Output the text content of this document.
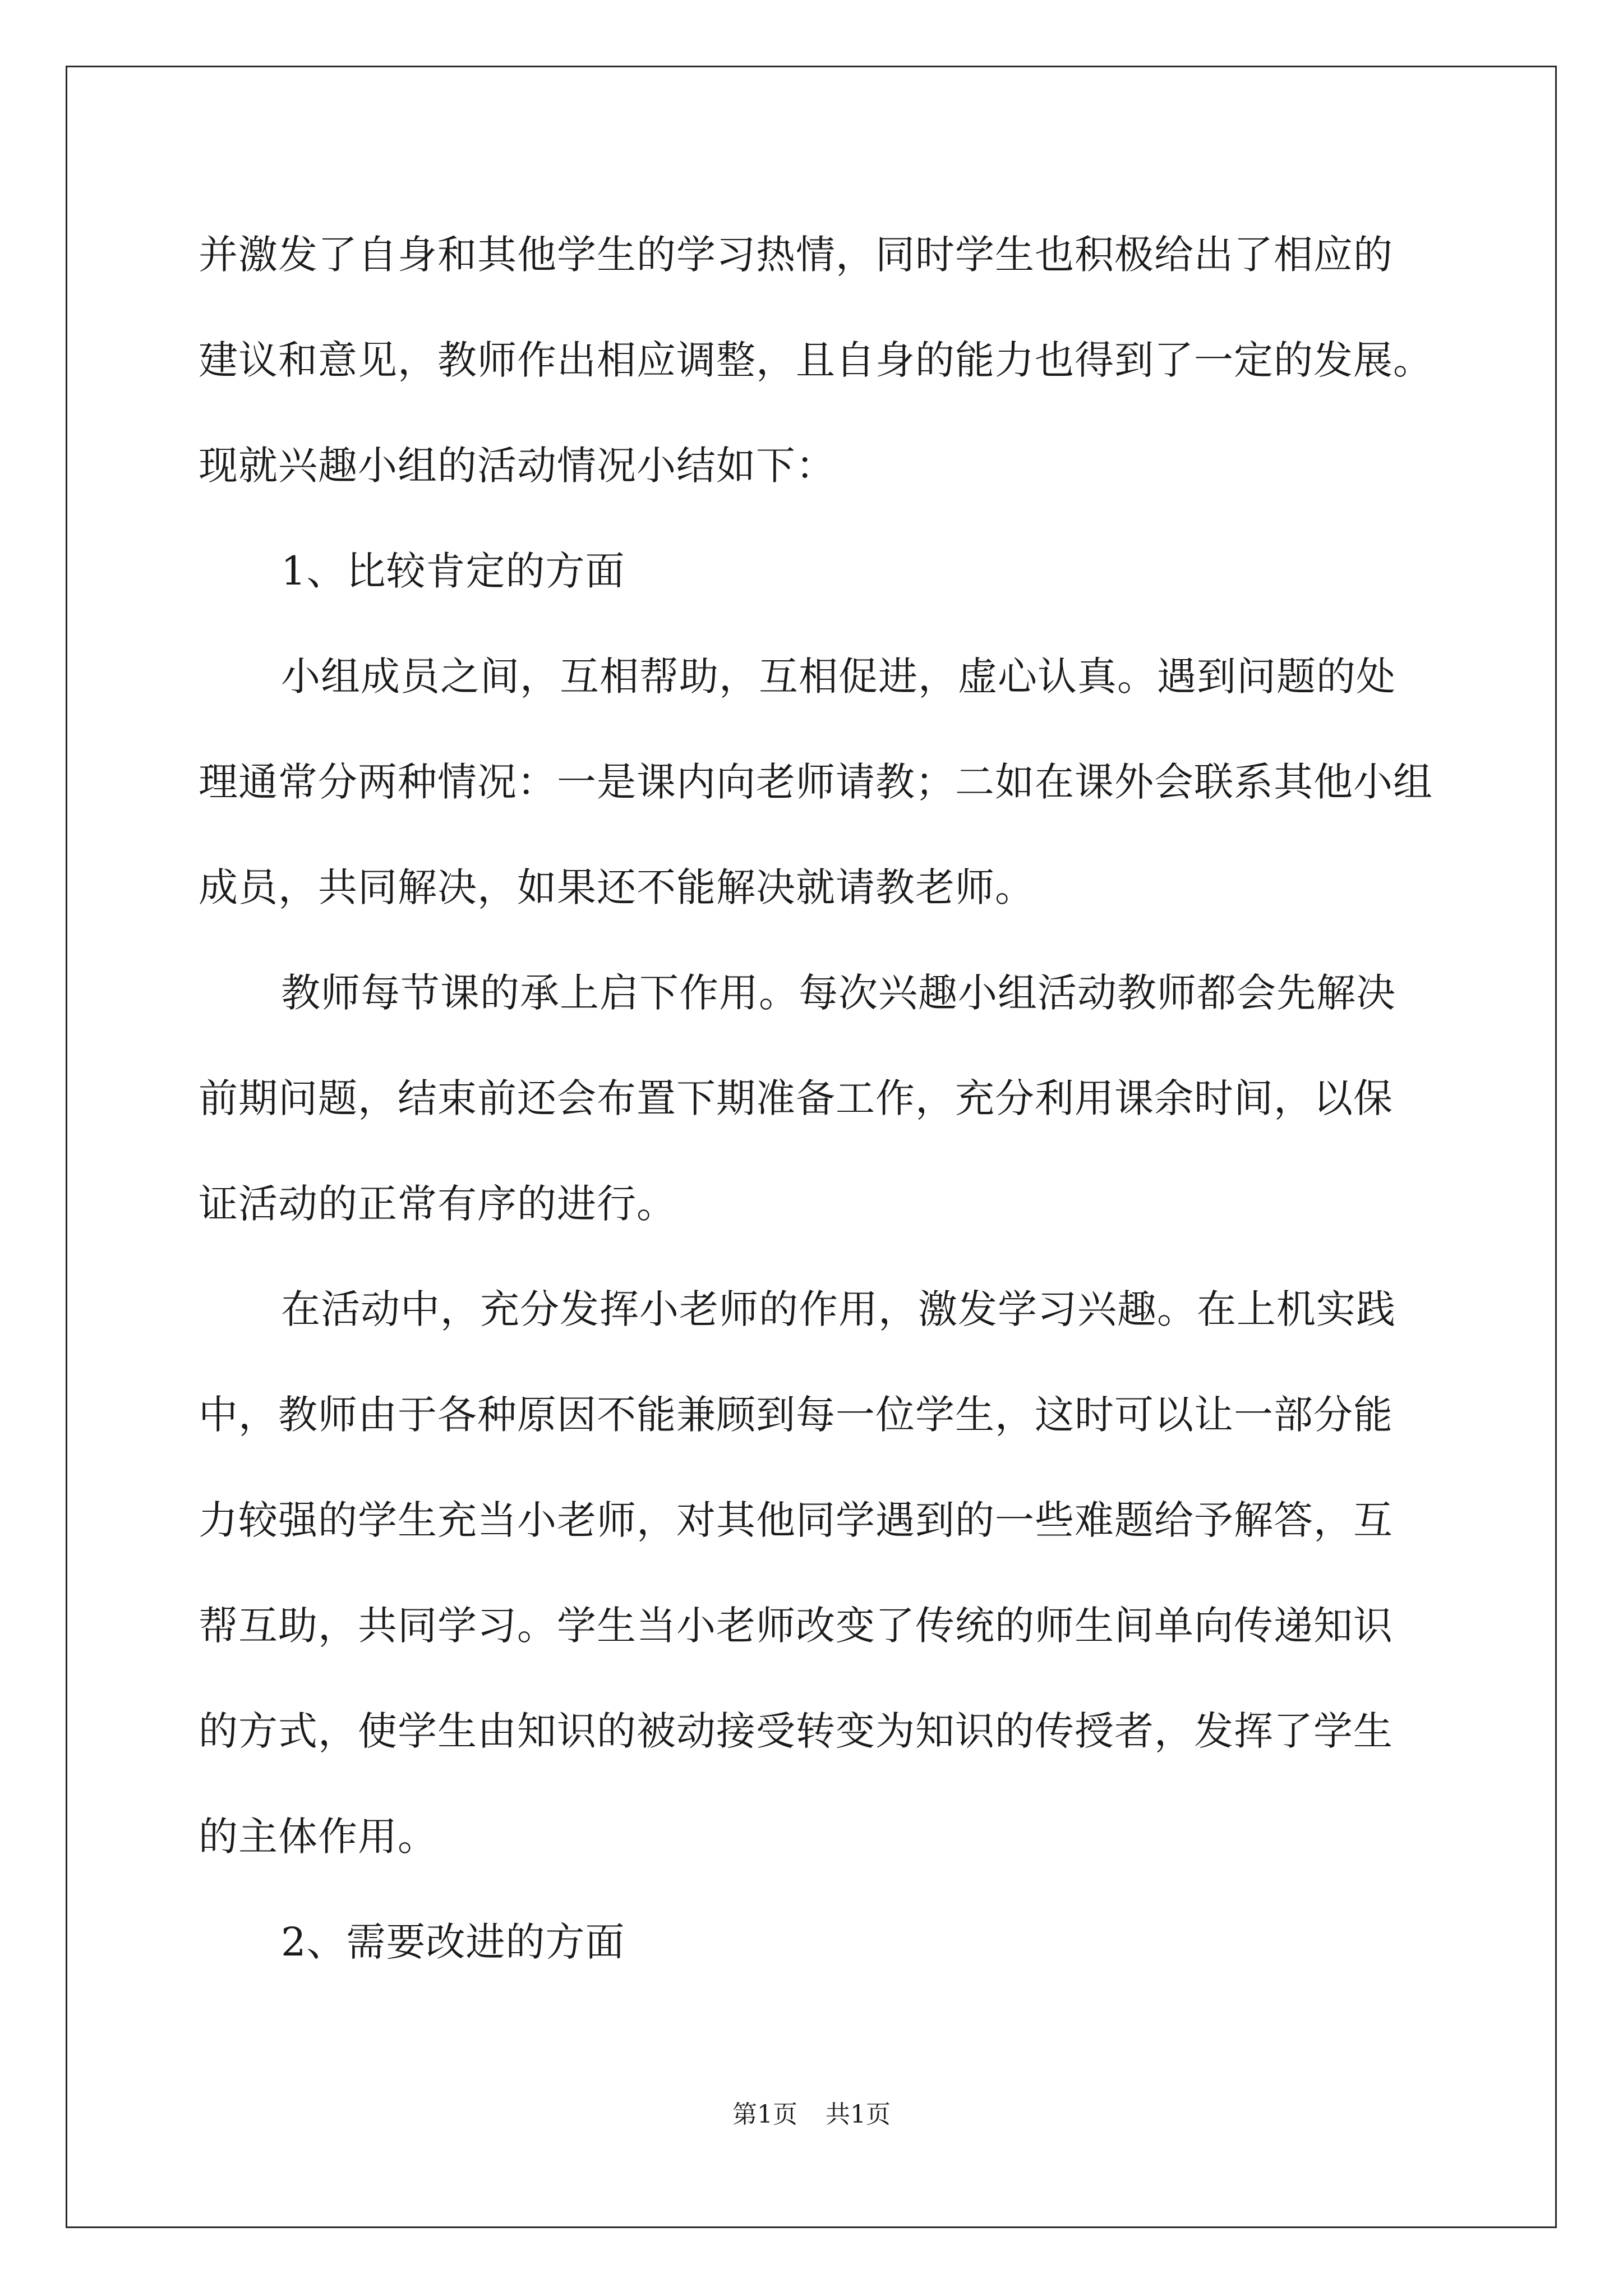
并激发了自身和其他学生的学习热情，同时学生也积极给出了相应的
建议和意见，教师作出相应调整，且自身的能力也得到了一定的发展。
现就兴趣小组的活动情况小结如下：
1、比较肯定的方面
小组成员之间，互相帮助，互相促进，虚心认真。遇到问题的处
理通常分两种情况：一是课内向老师请教；二如在课外会联系其他小组
成员，共同解决，如果还不能解决就请教老师。
教师每节课的承上启下作用。每次兴趣小组活动教师都会先解决
前期问题，结束前还会布置下期准备工作，充分利用课余时间，以保
证活动的正常有序的进行。
在活动中，充分发挥小老师的作用，激发学习兴趣。在上机实践
中，教师由于各种原因不能兼顾到每一位学生，这时可以让一部分能
力较强的学生充当小老师，对其他同学遇到的一些难题给予解答，互
帮互助，共同学习。学生当小老师改变了传统的师生间单向传递知识
的方式，使学生由知识的被动接受转变为知识的传授者，发挥了学生
的主体作用。
2、需要改进的方面
第1页 共1页
